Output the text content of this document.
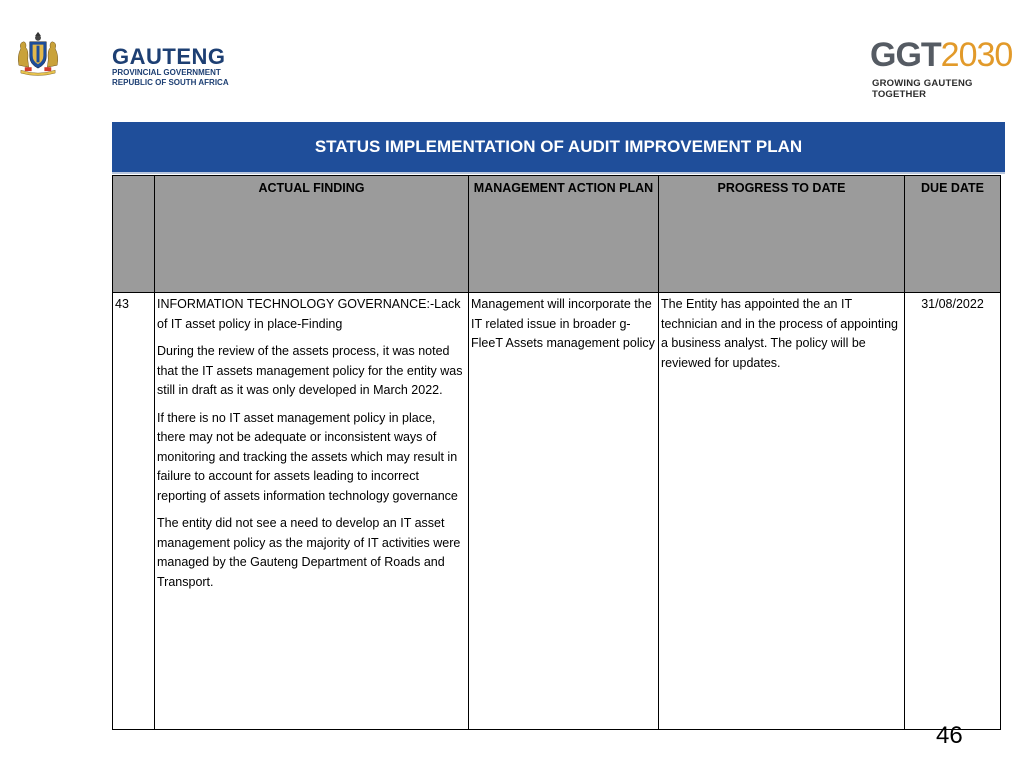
GAUTENG
PROVINCIAL GOVERNMENT
REPUBLIC OF SOUTH AFRICA
GGT2030
GROWING GAUTENG TOGETHER
STATUS IMPLEMENTATION OF AUDIT IMPROVEMENT PLAN
	ACTUAL FINDING	MANAGEMENT ACTION PLAN	PROGRESS TO DATE	DUE DATE
43	INFORMATION TECHNOLOGY GOVERNANCE:-Lack of IT asset policy in place-Finding

During the review of the assets process, it was noted that the IT assets management policy for the entity was still in draft as it was only developed in March 2022.

If there is no IT asset management policy in place, there may not be adequate or inconsistent ways of monitoring and tracking the assets which may result in failure to account for assets leading to incorrect reporting of assets information technology governance

The entity did not see a need to develop an IT asset management policy as the majority of IT activities were managed by the Gauteng Department of Roads and Transport.	Management will incorporate the IT related issue in broader g-FleeT Assets management policy	The Entity has appointed the an IT technician and in the process of appointing a business analyst. The policy will be reviewed for updates.	31/08/2022
46
